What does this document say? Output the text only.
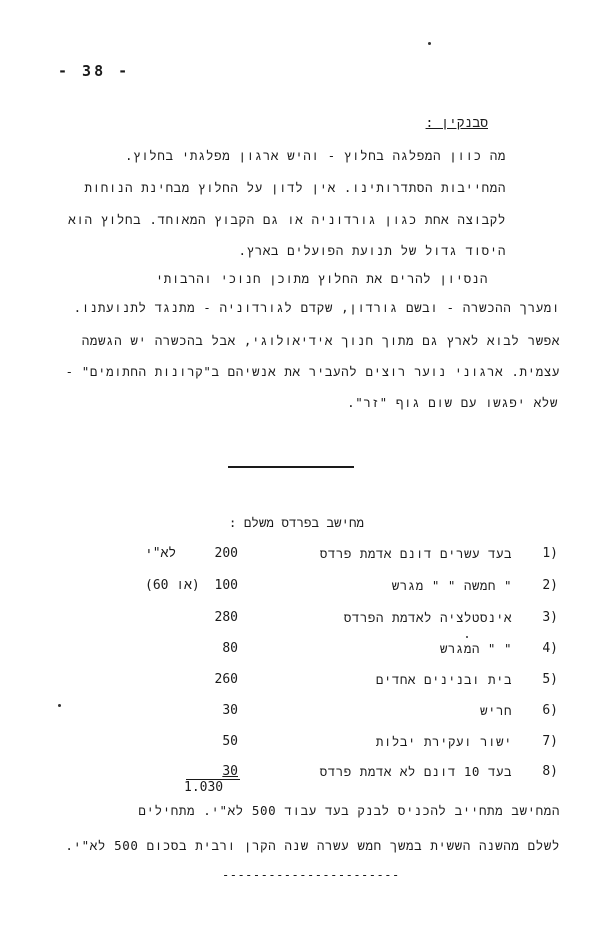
- 38 -
סבנקין :
מה כוון המפלגה בחלוץ - והיש ארגון מפלגתי בחלוץ.
המחייבות הסתדרותינו. אין לדון על החלוץ מבחינת הנוחות
לקבוצה אחת כגון גורדוניה או גם הקבוץ המאוחד. בחלוץ הוא
היסוד גדול של תנועת הפועלים בארץ.
הנסיון להרים את החלוץ מתוכן חנוכי והרבותי
ומערך ההכשרה - ובשם גורדון, שקדם לגורדוניה - מתנגד לתנועתנו.
אפשר לבוא לארץ גם מתוך חנוך אידיאולוגי, אבל בהכשרה יש הגשמה
עצמית. ארגוני נוער רוצים להעביר את אנשיהם ב"קרונות החתומים" -
שלא יפגשו עם שום גוף "זר".
מחישב בפרדס משלם :
1)
בעד עשרים דונם אדמת פרדס
200
לא"י
2)
" חמשה " " מגרש
100
(או 60)
3)
אינסטלציה לאדמת הפרדס
280
4)
" " המגרש
80
5)
בית ובנינים אחדים
260
6)
חריש
30
7)
ישור ועקירת יבלות
50
8)
בעד 10 דונם לא אדמת פרדס
30
1.030
המחישב מתחייב להכניס לבנק בעד עבוד 500 לא"י. מתחילים
לשלם מהשנה הששית במשך חמש עשרה שנה הקרן ורבית בסכום 500 לא"י.
-----------------------
